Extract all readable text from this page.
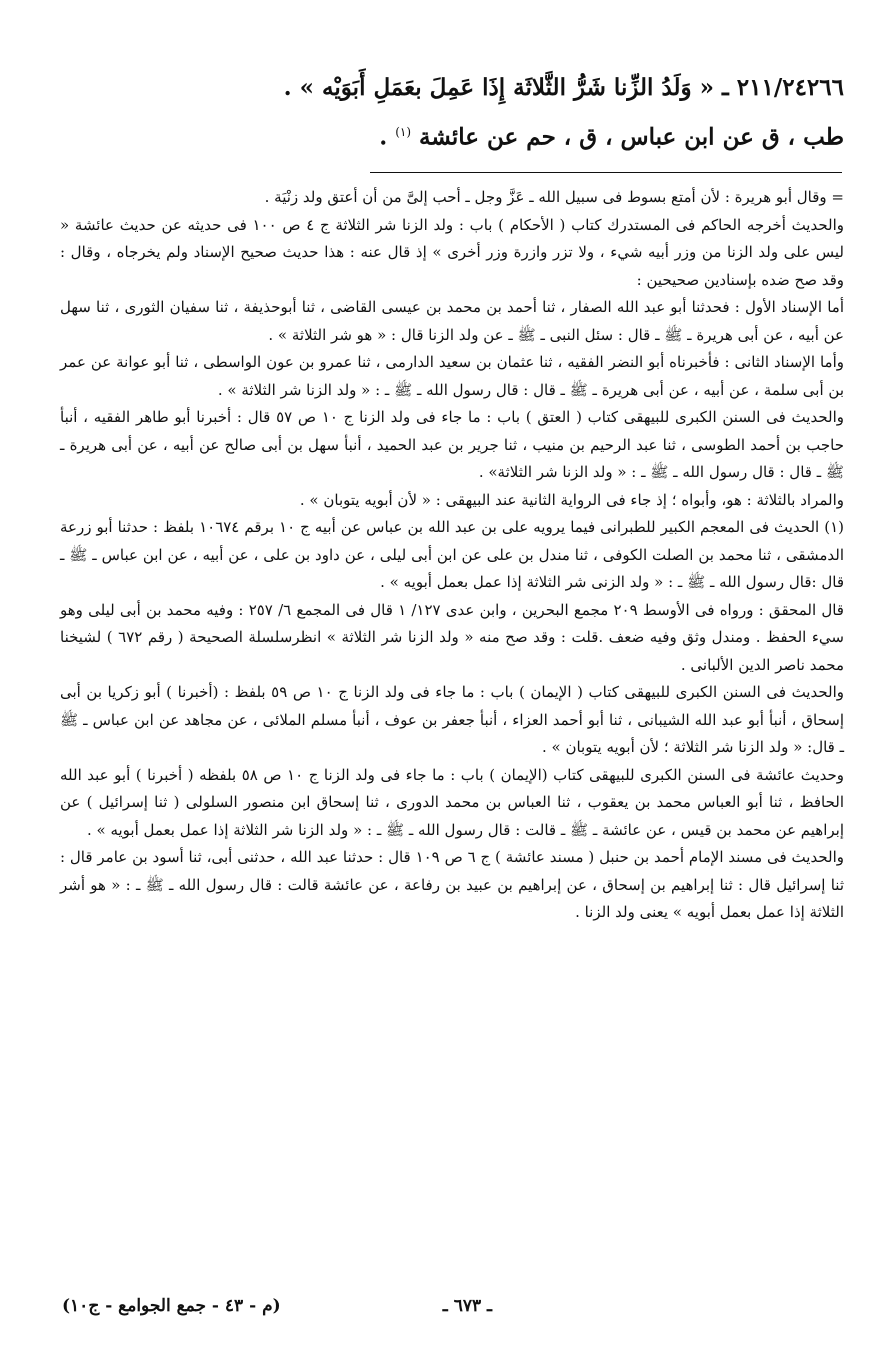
٢١١/٢٤٢٦٦ ـ « وَلَدُ الزِّنا شَرُّ الثَّلاثَة إِذَا عَمِلَ بعَمَلِ أَبَوَيْه » .
طب ، ق عن ابن عباس ، ق ، حم عن عائشة $^{(١)}$ .

= وقال أبو هريرة : لأن أمتع بسوط فى سبيل الله ـ عَزَّ وجل ـ أحب إلىَّ من أن أعتق ولد زنْيَة .

والحديث أخرجه الحاكم فى المستدرك كتاب ( الأحكام ) باب : ولد الزنا شر الثلاثة ج ٤ ص ١٠٠ فى حديثه عن حديث عائشة « ليس على ولد الزنا من وزر أبيه شيء ، ولا تزر وازرة وزر أخرى » إذ قال عنه : هذا حديث صحيح الإسناد ولم يخرجاه ، وقال : وقد صح ضده بإسنادين صحيحين :

أما الإسناد الأول : فحدثنا أبو عبد الله الصفار ، ثنا أحمد بن محمد بن عيسى القاضى ، ثنا أبوحذيفة ، ثنا سفيان الثورى ، ثنا سهل عن أبيه ، عن أبى هريرة ـ ﷺ ـ قال : سئل النبى ـ ﷺ ـ عن ولد الزنا قال : « هو شر الثلاثة » .

وأما الإسناد الثانى : فأخبرناه أبو النضر الفقيه ، ثنا عثمان بن سعيد الدارمى ، ثنا عمرو بن عون الواسطى ، ثنا أبو عوانة عن عمر بن أبى سلمة ، عن أبيه ، عن أبى هريرة ـ ﷺ ـ قال : قال رسول الله ـ ﷺ ـ : « ولد الزنا شر الثلاثة » .

والحديث فى السنن الكبرى للبيهقى كتاب ( العتق ) باب : ما جاء فى ولد الزنا ج ١٠ ص ٥٧ قال : أخبرنا أبو طاهر الفقيه ، أنبأ حاجب بن أحمد الطوسى ، ثنا عبد الرحيم بن منيب ، ثنا جرير بن عبد الحميد ، أنبأ سهل بن أبى صالح عن أبيه ، عن أبى هريرة ـ ﷺ ـ قال : قال رسول الله ـ ﷺ ـ : « ولد الزنا شر الثلاثة» .

والمراد بالثلاثة : هو، وأبواه ؛ إذ جاء فى الرواية الثانية عند البيهقى : « لأن أبويه يتوبان » .

(١) الحديث فى المعجم الكبير للطبرانى فيما يرويه على بن عبد الله بن عباس عن أبيه ج ١٠ برقم ١٠٦٧٤ بلفظ : حدثنا أبو زرعة الدمشقى ، ثنا محمد بن الصلت الكوفى ، ثنا مندل بن على عن ابن أبى ليلى ، عن داود بن على ، عن أبيه ، عن ابن عباس ـ ﷺ ـ قال :قال رسول الله ـ ﷺ ـ : « ولد الزنى شر الثلاثة إذا عمل بعمل أبويه » .

قال المحقق : ورواه فى الأوسط ٢٠٩ مجمع البحرين ، وابن عدى ١٢٧/ ١ قال فى المجمع ٦/ ٢٥٧ : وفيه محمد بن أبى ليلى وهو سيء الحفظ . ومندل وثق وفيه ضعف .قلت : وقد صح منه « ولد الزنا شر الثلاثة » انظرسلسلة الصحيحة ( رقم ٦٧٢ ) لشيخنا محمد ناصر الدين الألبانى .

والحديث فى السنن الكبرى للبيهقى كتاب ( الإيمان ) باب : ما جاء فى ولد الزنا ج ١٠ ص ٥٩ بلفظ : (أخبرنا ) أبو زكريا بن أبى إسحاق ، أنبأ أبو عبد الله الشيبانى ، ثنا أبو أحمد العزاء ، أنبأ جعفر بن عوف ، أنبأ مسلم الملائى ، عن مجاهد عن ابن عباس ـ ﷺ ـ قال: « ولد الزنا شر الثلاثة ؛ لأن أبويه يتوبان » .

وحديث عائشة فى السنن الكبرى للبيهقى كتاب (الإيمان ) باب : ما جاء فى ولد الزنا ج ١٠ ص ٥٨ بلفظه ( أخبرنا ) أبو عبد الله الحافظ ، ثنا أبو العباس محمد بن يعقوب ، ثنا العباس بن محمد الدورى ، ثنا إسحاق ابن منصور السلولى ( ثنا إسرائيل ) عن إبراهيم عن محمد بن قيس ، عن عائشة ـ ﷺ ـ قالت : قال رسول الله ـ ﷺ ـ : « ولد الزنا شر الثلاثة إذا عمل بعمل أبويه » .

والحديث فى مسند الإمام أحمد بن حنبل ( مسند عائشة ) ج ٦ ص ١٠٩ قال : حدثنا عبد الله ، حدثنى أبى، ثنا أسود بن عامر قال : ثنا إسرائيل قال : ثنا إبراهيم بن إسحاق ، عن إبراهيم بن عبيد بن رفاعة ، عن عائشة قالت : قال رسول الله ـ ﷺ ـ : « هو أشر الثلاثة إذا عمل بعمل أبويه » يعنى ولد الزنا .

ـ ٦٧٣ ـ
(م - ٤٣ - جمع الجوامع - ج١٠)
